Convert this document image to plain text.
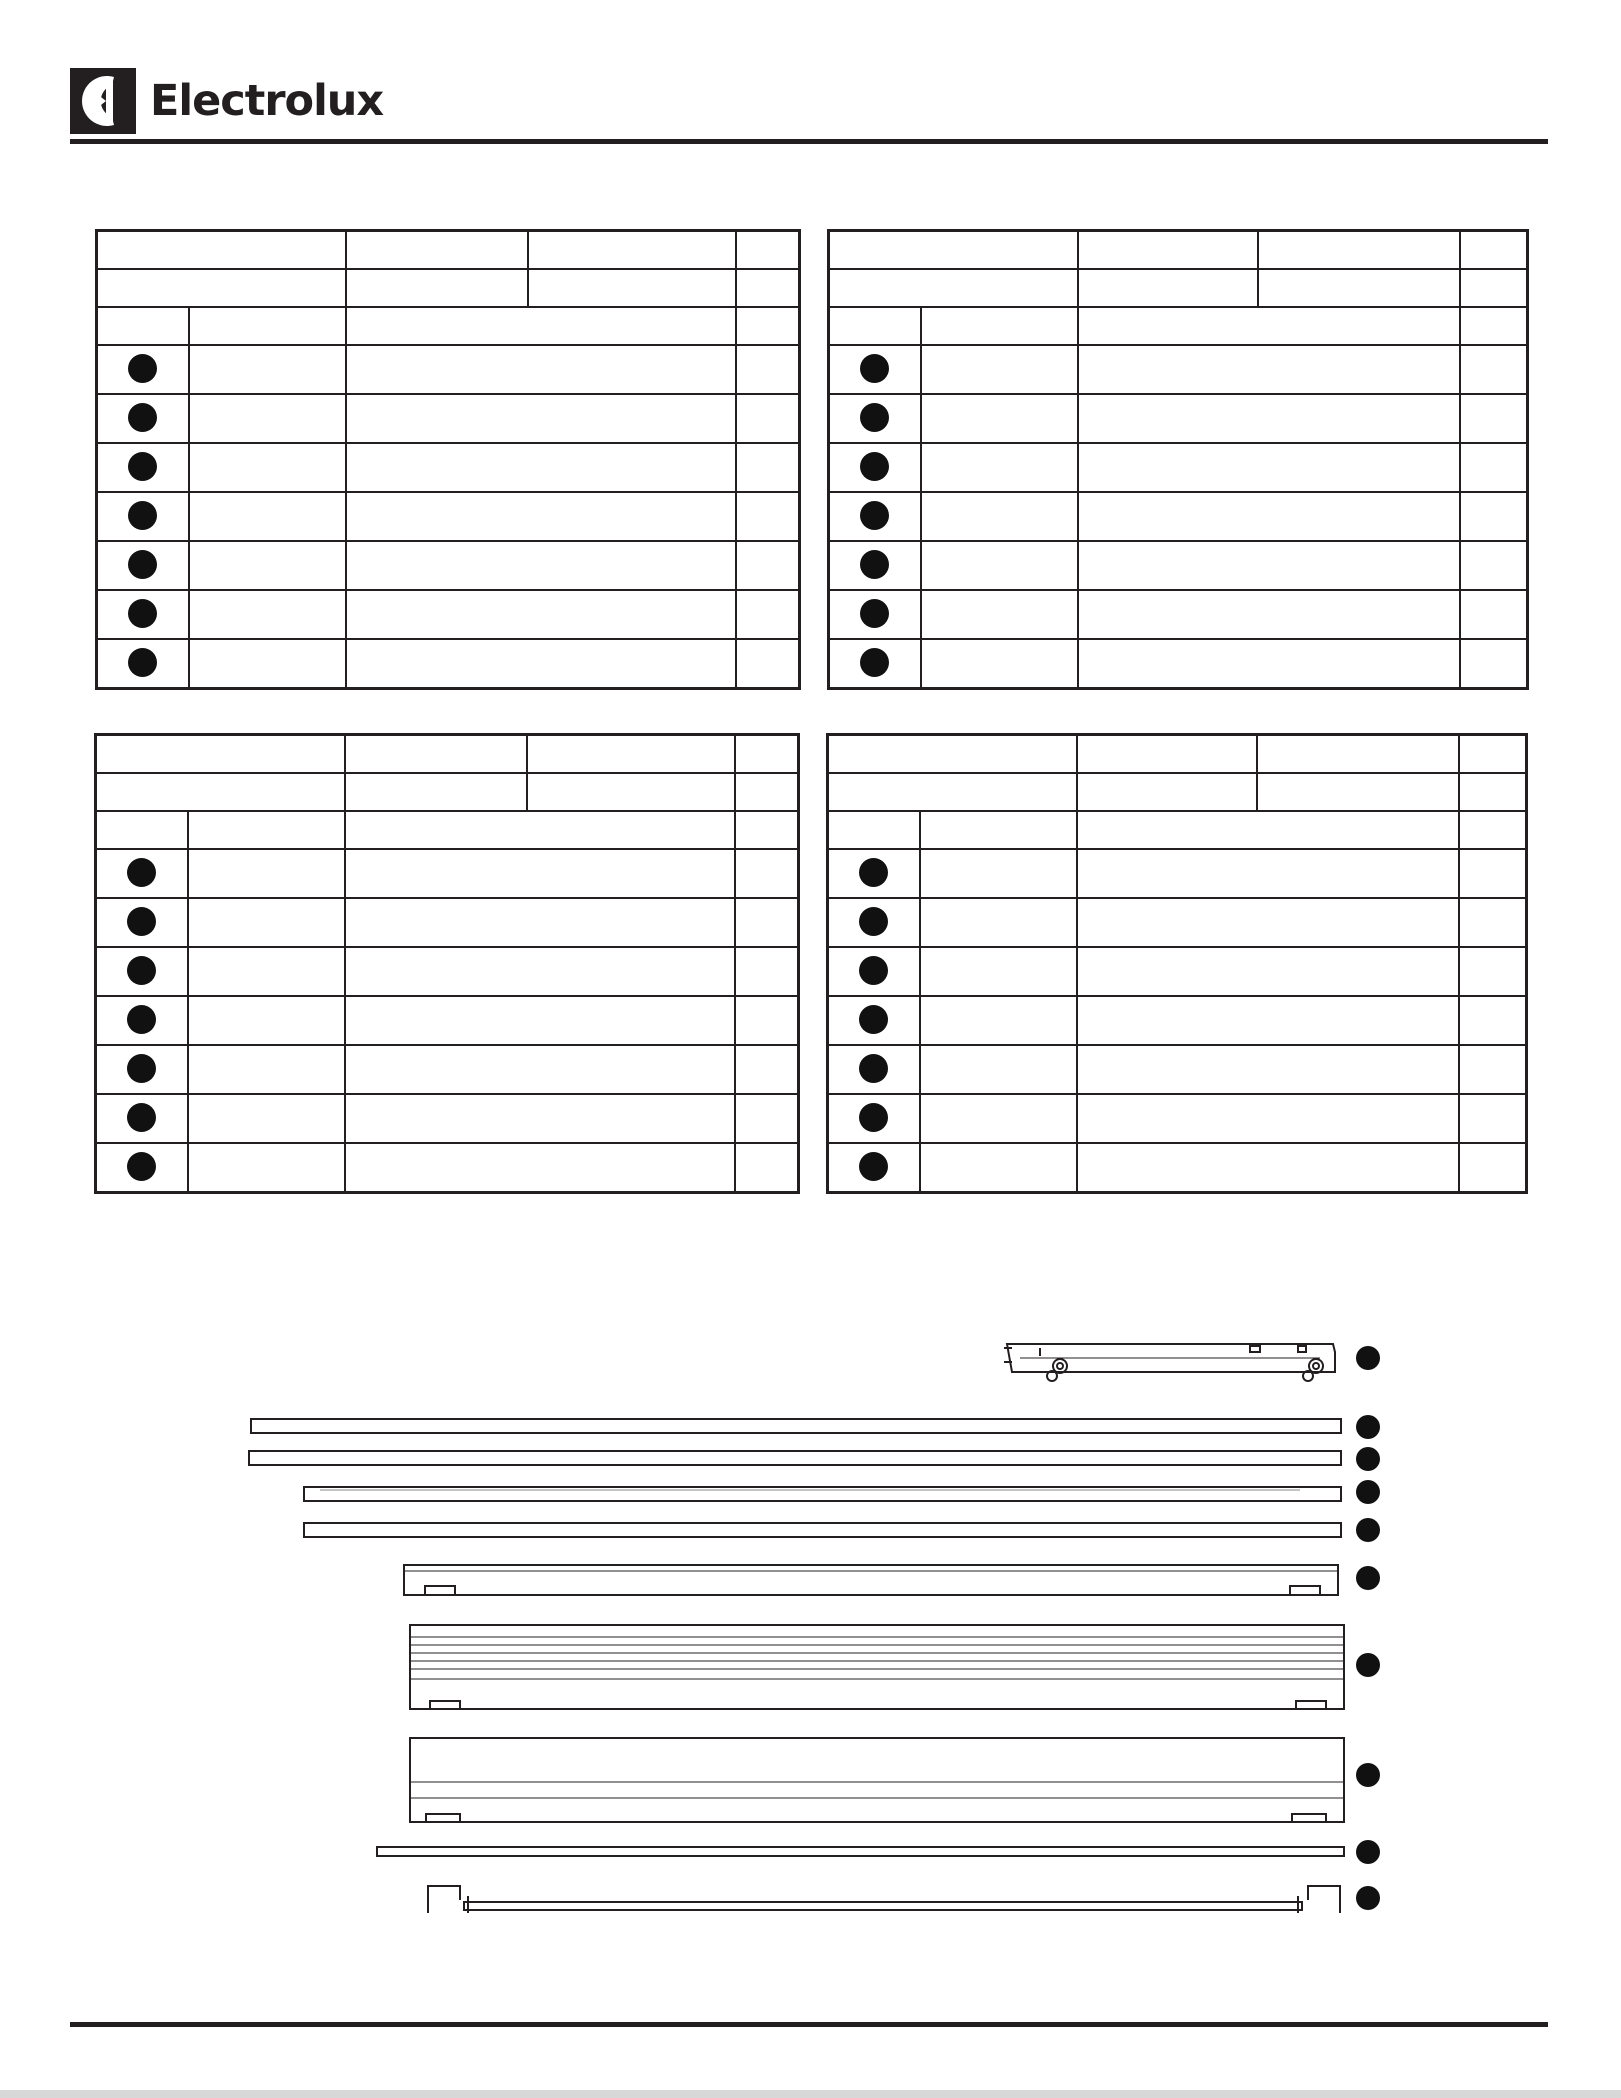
Electrolux
